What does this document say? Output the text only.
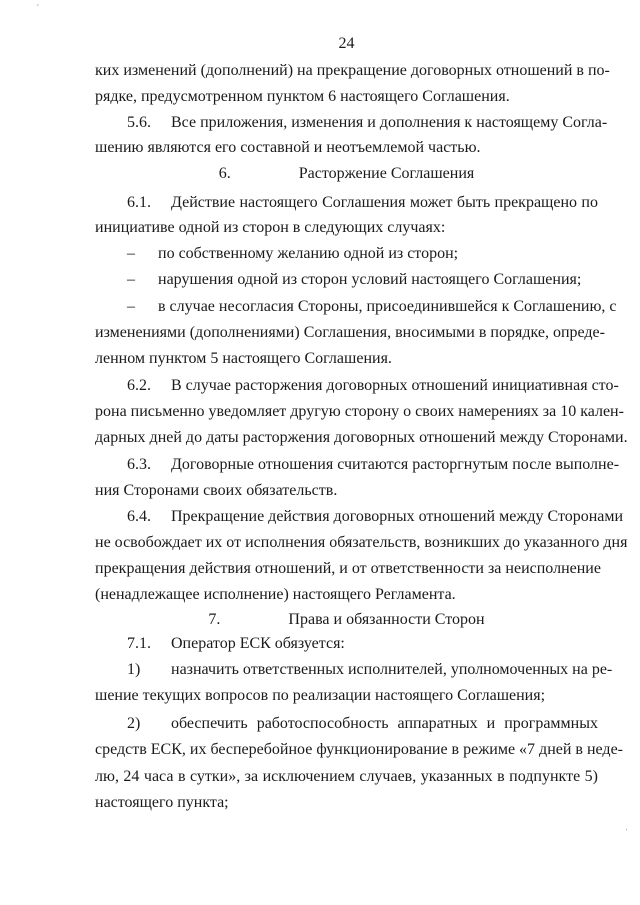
24
ких изменений (дополнений) на прекращение договорных отношений в по-
рядке, предусмотренном пунктом 6 настоящего Соглашения.
5.6. Все приложения, изменения и дополнения к настоящему Согла-
шению являются его составной и неотъемлемой частью.
6.	Расторжение Соглашения
6.1. Действие настоящего Соглашения может быть прекращено по
инициативе одной из сторон в следующих случаях:
– по собственному желанию одной из сторон;
– нарушения одной из сторон условий настоящего Соглашения;
– в случае несогласия Стороны, присоединившейся к Соглашению, с
изменениями (дополнениями) Соглашения, вносимыми в порядке, опреде-
ленном пунктом 5 настоящего Соглашения.
6.2. В случае расторжения договорных отношений инициативная сто-
рона письменно уведомляет другую сторону о своих намерениях за 10 кален-
дарных дней до даты расторжения договорных отношений между Сторонами.
6.3. Договорные отношения считаются расторгнутым после выполне-
ния Сторонами своих обязательств.
6.4. Прекращение действия договорных отношений между Сторонами
не освобождает их от исполнения обязательств, возникших до указанного дня
прекращения действия отношений, и от ответственности за неисполнение
(ненадлежащее исполнение) настоящего Регламента.
7.	Права и обязанности Сторон
7.1. Оператор ЕСК обязуется:
1) назначить ответственных исполнителей, уполномоченных на ре-
шение текущих вопросов по реализации настоящего Соглашения;
2) обеспечить работоспособность аппаратных и программных
средств ЕСК, их бесперебойное функционирование в режиме «7 дней в неде-
лю, 24 часа в сутки», за исключением случаев, указанных в подпункте 5)
настоящего пункта;
ˊ
ˈ
